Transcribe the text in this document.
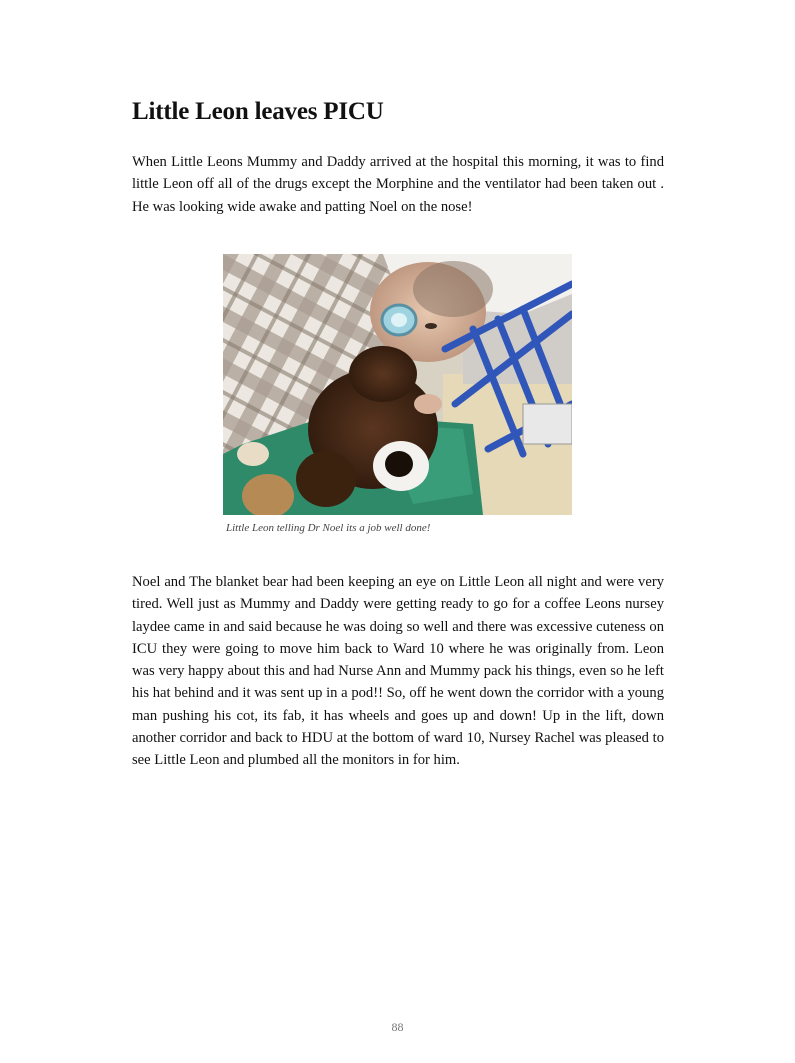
Little Leon leaves PICU

When Little Leons Mummy and Daddy arrived at the hospital this morning, it was to find little Leon off all of the drugs except the Morphine and the ventilator had been taken out . He was looking wide awake and patting Noel on the nose!

Little Leon telling Dr Noel its a job well done!

Noel and The blanket bear had been keeping an eye on Little Leon all night and were very tired. Well just as Mummy and Daddy were getting ready to go for a coffee Leons nursey laydee came in and said because he was doing so well and there was excessive cuteness on ICU they were going to move him back to Ward 10 where he was originally from. Leon was very happy about this and had Nurse Ann and Mummy pack his things, even so he left his hat behind and it was sent up in a pod!! So, off he went down the corridor with a young man pushing his cot, its fab, it has wheels and goes up and down! Up in the lift, down another corridor and back to HDU at the bottom of ward 10, Nursey Rachel was pleased to see Little Leon and plumbed all the monitors in for him.

88
